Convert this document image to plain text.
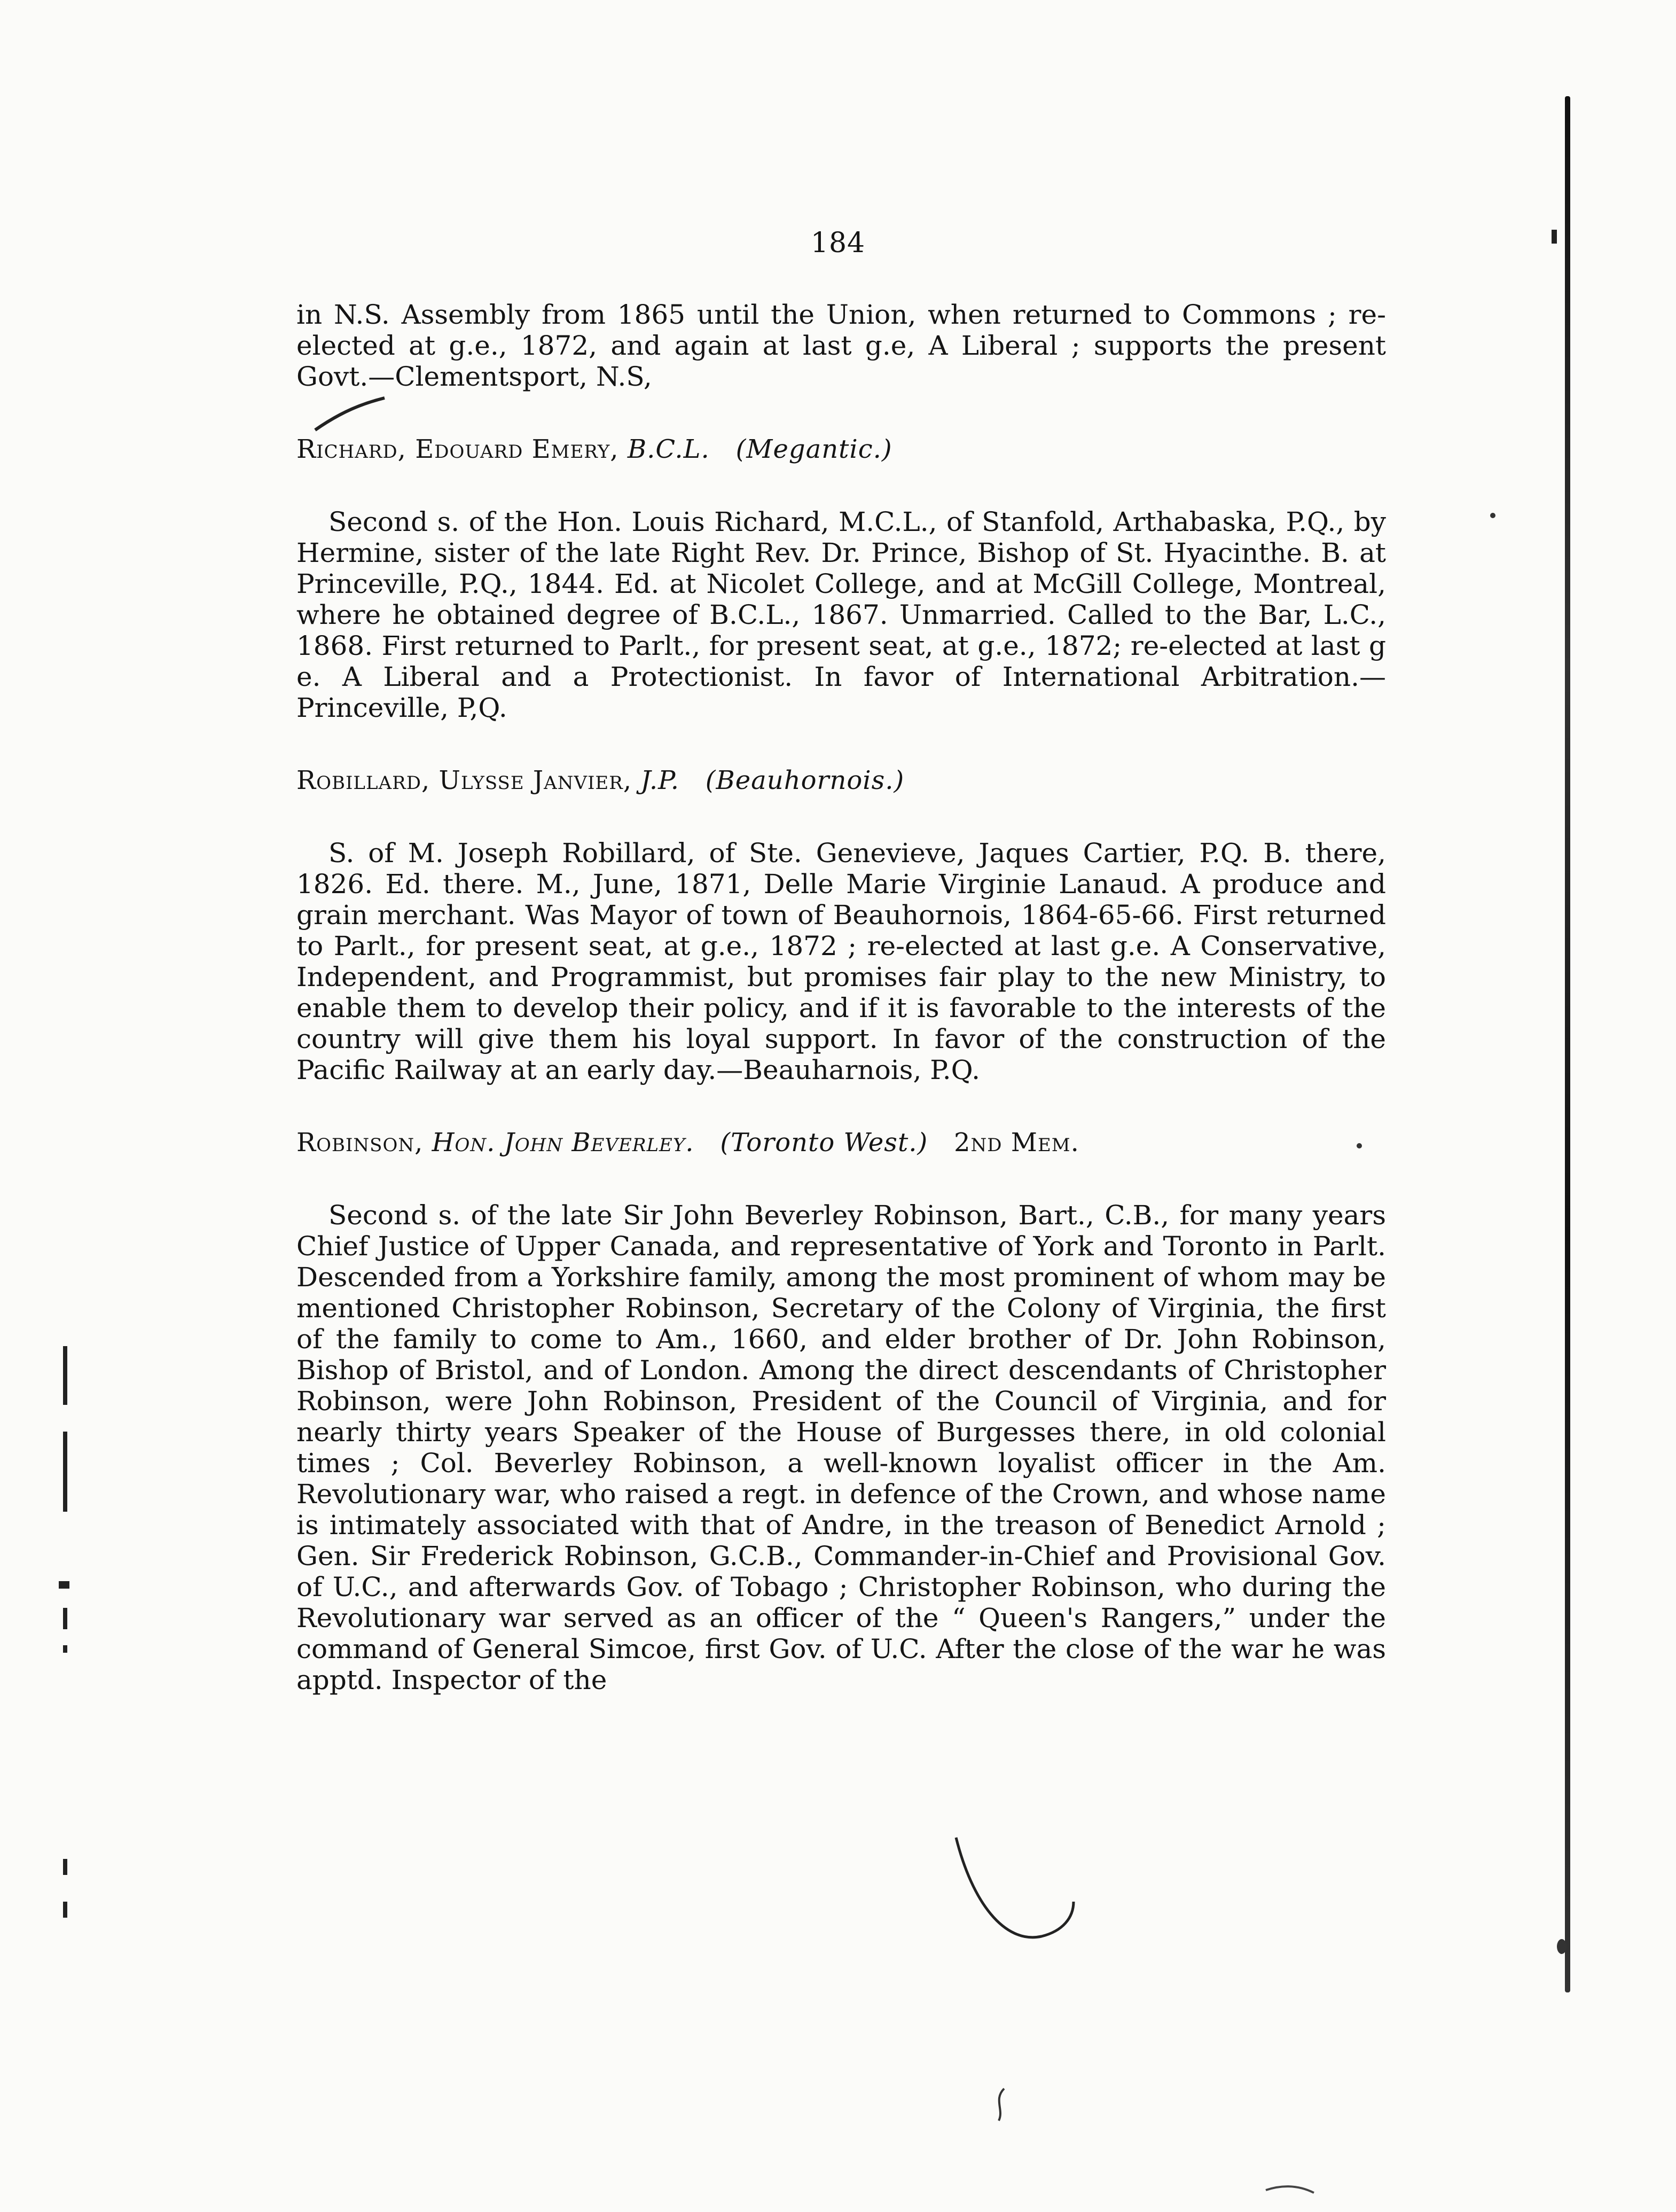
184

in N.S. Assembly from 1865 until the Union, when returned to Commons ; re-elected at g.e., 1872, and again at last g.e, A Liberal ; supports the present Govt.—Clementsport, N.S,

Richard, Edouard Emery, B.C.L. (Megantic.)

Second s. of the Hon. Louis Richard, M.C.L., of Stanfold, Arthabaska, P.Q., by Hermine, sister of the late Right Rev. Dr. Prince, Bishop of St. Hyacinthe. B. at Princeville, P.Q., 1844. Ed. at Nicolet College, and at McGill College, Montreal, where he obtained degree of B.C.L., 1867. Unmarried. Called to the Bar, L.C., 1868. First returned to Parlt., for present seat, at g.e., 1872; re-elected at last g e. A Liberal and a Protectionist. In favor of International Arbitration.—Princeville, P,Q.

Robillard, Ulysse Janvier, J.P. (Beauhornois.)

S. of M. Joseph Robillard, of Ste. Genevieve, Jaques Cartier, P.Q. B. there, 1826. Ed. there. M., June, 1871, Delle Marie Virginie Lanaud. A produce and grain merchant. Was Mayor of town of Beauhornois, 1864-65-66. First returned to Parlt., for present seat, at g.e., 1872 ; re-elected at last g.e. A Conservative, Independent, and Programmist, but promises fair play to the new Ministry, to enable them to develop their policy, and if it is favorable to the interests of the country will give them his loyal support. In favor of the construction of the Pacific Railway at an early day.—Beauharnois, P.Q.

Robinson, Hon. John Beverley. (Toronto West.) 2nd Mem.

Second s. of the late Sir John Beverley Robinson, Bart., C.B., for many years Chief Justice of Upper Canada, and representative of York and Toronto in Parlt. Descended from a Yorkshire family, among the most prominent of whom may be mentioned Christopher Robinson, Secretary of the Colony of Virginia, the first of the family to come to Am., 1660, and elder brother of Dr. John Robinson, Bishop of Bristol, and of London. Among the direct descendants of Christopher Robinson, were John Robinson, President of the Council of Virginia, and for nearly thirty years Speaker of the House of Burgesses there, in old colonial times ; Col. Beverley Robinson, a well-known loyalist officer in the Am. Revolutionary war, who raised a regt. in defence of the Crown, and whose name is intimately associated with that of Andre, in the treason of Benedict Arnold ; Gen. Sir Frederick Robinson, G.C.B., Commander-in-Chief and Provisional Gov. of U.C., and afterwards Gov. of Tobago ; Christopher Robinson, who during the Revolutionary war served as an officer of the “ Queen's Rangers,” under the command of General Simcoe, first Gov. of U.C. After the close of the war he was apptd. Inspector of the
